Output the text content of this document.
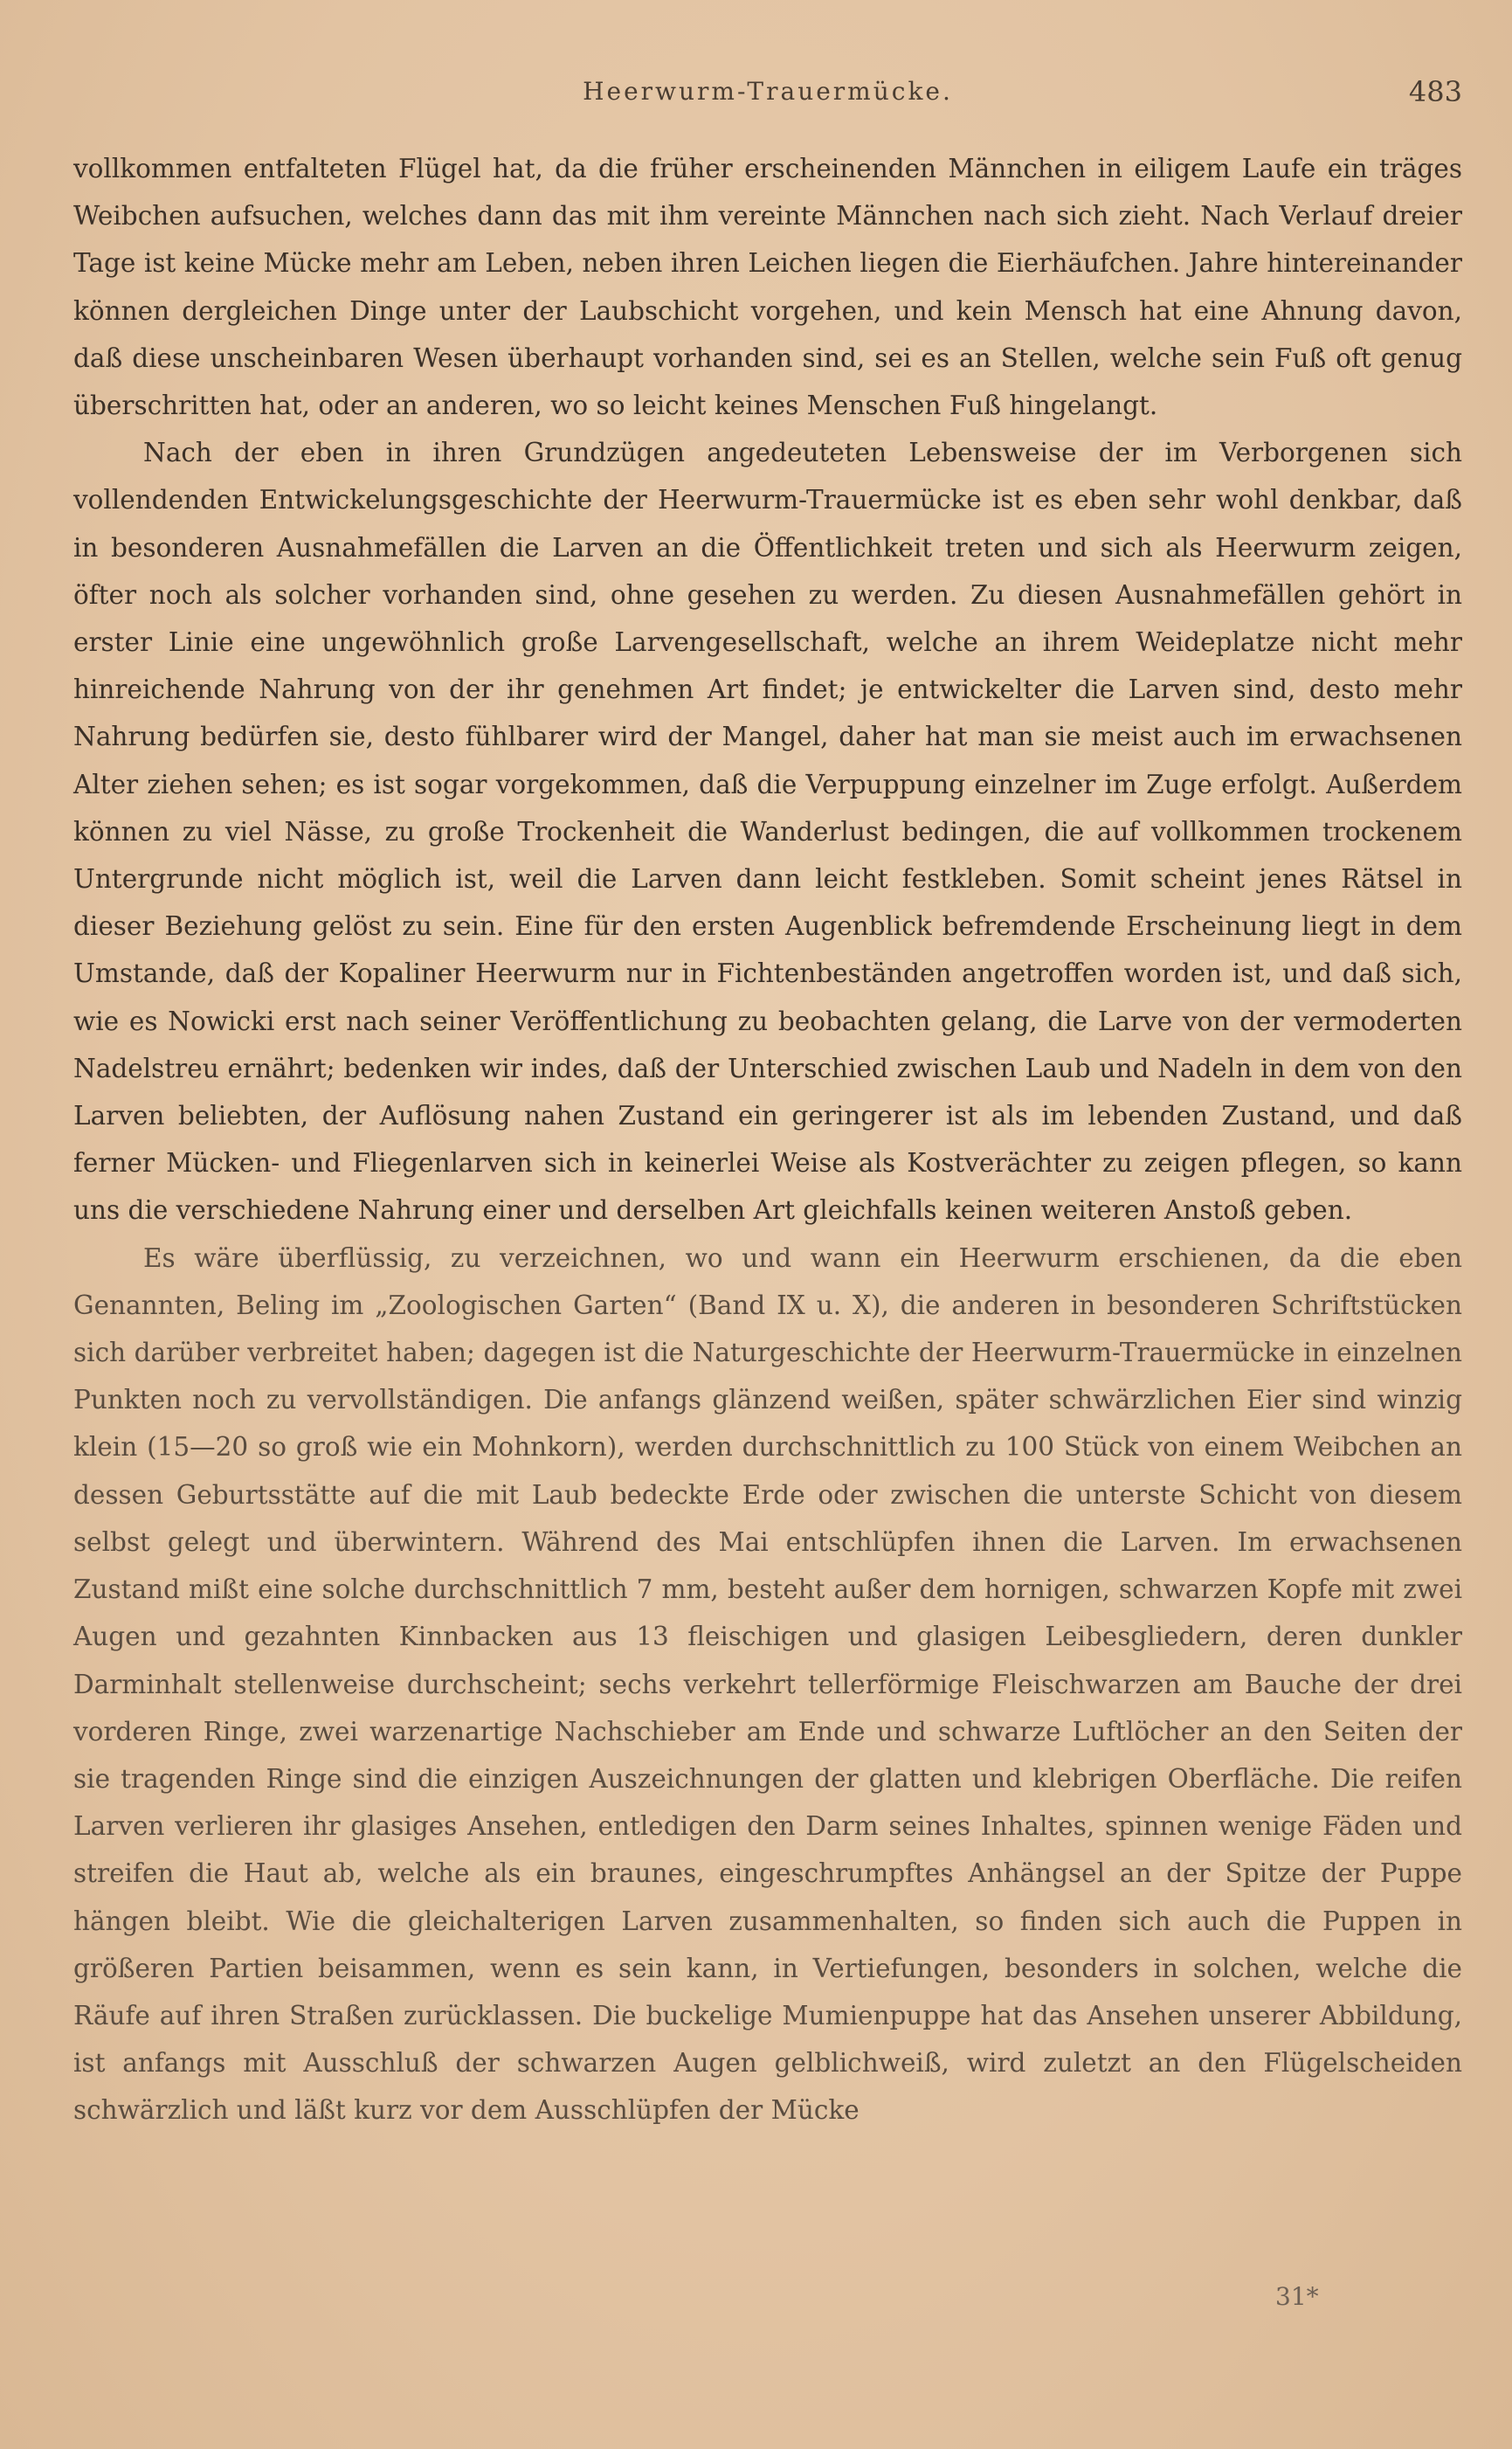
Heerwurm-Trauermücke.	483

vollkommen entfalteten Flügel hat, da die früher erscheinenden Männchen in eiligem Laufe ein träges Weibchen aufsuchen, welches dann das mit ihm vereinte Männchen nach sich zieht. Nach Verlauf dreier Tage ist keine Mücke mehr am Leben, neben ihren Leichen liegen die Eierhäufchen. Jahre hintereinander können dergleichen Dinge unter der Laubschicht vorgehen, und kein Mensch hat eine Ahnung davon, daß diese unscheinbaren Wesen überhaupt vorhanden sind, sei es an Stellen, welche sein Fuß oft genug überschritten hat, oder an anderen, wo so leicht keines Menschen Fuß hingelangt.

Nach der eben in ihren Grundzügen angedeuteten Lebensweise der im Verborgenen sich vollendenden Entwickelungsgeschichte der Heerwurm-Trauermücke ist es eben sehr wohl denkbar, daß in besonderen Ausnahmefällen die Larven an die Öffentlichkeit treten und sich als Heerwurm zeigen, öfter noch als solcher vorhanden sind, ohne gesehen zu werden. Zu diesen Ausnahmefällen gehört in erster Linie eine ungewöhnlich große Larvengesellschaft, welche an ihrem Weideplatze nicht mehr hinreichende Nahrung von der ihr genehmen Art findet; je entwickelter die Larven sind, desto mehr Nahrung bedürfen sie, desto fühlbarer wird der Mangel, daher hat man sie meist auch im erwachsenen Alter ziehen sehen; es ist sogar vorgekommen, daß die Verpuppung einzelner im Zuge erfolgt. Außerdem können zu viel Nässe, zu große Trockenheit die Wanderlust bedingen, die auf vollkommen trockenem Untergrunde nicht möglich ist, weil die Larven dann leicht festkleben. Somit scheint jenes Rätsel in dieser Beziehung gelöst zu sein. Eine für den ersten Augenblick befremdende Erscheinung liegt in dem Umstande, daß der Kopaliner Heerwurm nur in Fichtenbeständen angetroffen worden ist, und daß sich, wie es Nowicki erst nach seiner Veröffentlichung zu beobachten gelang, die Larve von der vermoderten Nadelstreu ernährt; bedenken wir indes, daß der Unterschied zwischen Laub und Nadeln in dem von den Larven beliebten, der Auflösung nahen Zustand ein geringerer ist als im lebenden Zustand, und daß ferner Mücken- und Fliegenlarven sich in keinerlei Weise als Kostverächter zu zeigen pflegen, so kann uns die verschiedene Nahrung einer und derselben Art gleichfalls keinen weiteren Anstoß geben.

Es wäre überflüssig, zu verzeichnen, wo und wann ein Heerwurm erschienen, da die eben Genannten, Beling im „Zoologischen Garten“ (Band IX u. X), die anderen in besonderen Schriftstücken sich darüber verbreitet haben; dagegen ist die Naturgeschichte der Heerwurm-Trauermücke in einzelnen Punkten noch zu vervollständigen. Die anfangs glänzend weißen, später schwärzlichen Eier sind winzig klein (15—20 so groß wie ein Mohnkorn), werden durchschnittlich zu 100 Stück von einem Weibchen an dessen Geburtsstätte auf die mit Laub bedeckte Erde oder zwischen die unterste Schicht von diesem selbst gelegt und überwintern. Während des Mai entschlüpfen ihnen die Larven. Im erwachsenen Zustand mißt eine solche durchschnittlich 7 mm, besteht außer dem hornigen, schwarzen Kopfe mit zwei Augen und gezahnten Kinnbacken aus 13 fleischigen und glasigen Leibesgliedern, deren dunkler Darminhalt stellenweise durchscheint; sechs verkehrt tellerförmige Fleischwarzen am Bauche der drei vorderen Ringe, zwei warzenartige Nachschieber am Ende und schwarze Luftlöcher an den Seiten der sie tragenden Ringe sind die einzigen Auszeichnungen der glatten und klebrigen Oberfläche. Die reifen Larven verlieren ihr glasiges Ansehen, entledigen den Darm seines Inhaltes, spinnen wenige Fäden und streifen die Haut ab, welche als ein braunes, eingeschrumpftes Anhängsel an der Spitze der Puppe hängen bleibt. Wie die gleichalterigen Larven zusammenhalten, so finden sich auch die Puppen in größeren Partien beisammen, wenn es sein kann, in Vertiefungen, besonders in solchen, welche die Räufe auf ihren Straßen zurücklassen. Die buckelige Mumienpuppe hat das Ansehen unserer Abbildung, ist anfangs mit Ausschluß der schwarzen Augen gelblichweiß, wird zuletzt an den Flügelscheiden schwärzlich und läßt kurz vor dem Ausschlüpfen der Mücke

31*
